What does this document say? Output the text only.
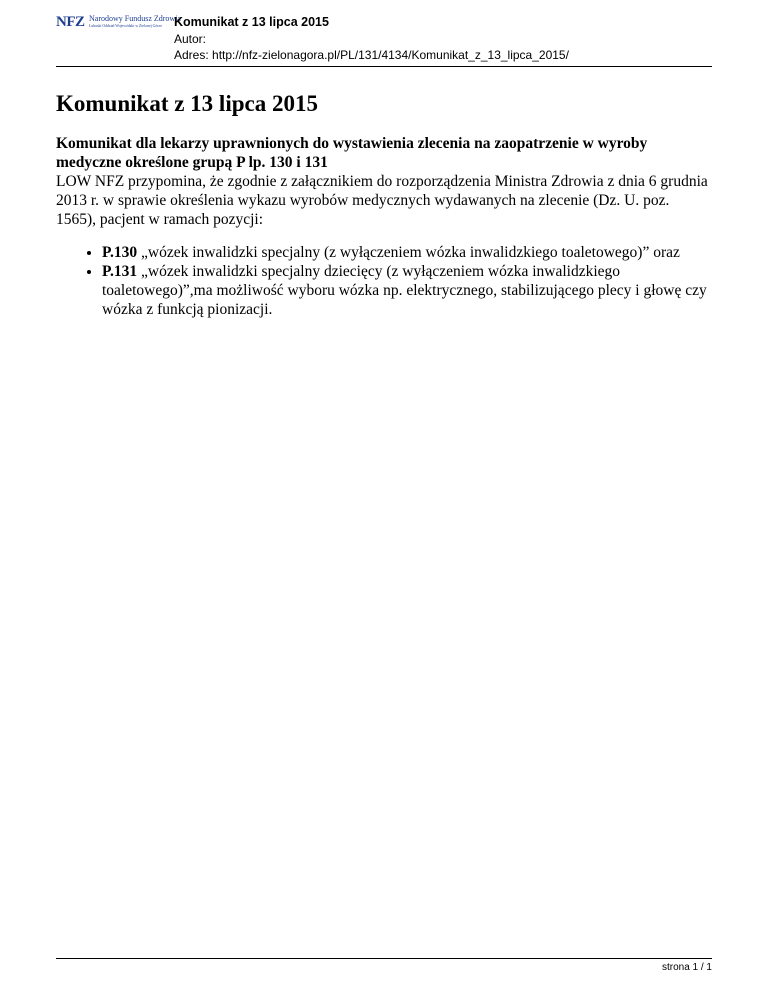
NFZ Narodowy Fundusz Zdrowia
Lubuski Oddział Wojewódzki w Zielonej Górze Komunikat z 13 lipca 2015
Autor:
Adres: http://nfz-zielonagora.pl/PL/131/4134/Komunikat_z_13_lipca_2015/
Komunikat z 13 lipca 2015
Komunikat dla lekarzy uprawnionych do wystawienia zlecenia na zaopatrzenie w wyroby medyczne określone grupą P lp. 130 i 131
LOW NFZ przypomina, że zgodnie z załącznikiem do rozporządzenia Ministra Zdrowia z dnia 6 grudnia 2013 r. w sprawie określenia wykazu wyrobów medycznych wydawanych na zlecenie (Dz. U. poz. 1565), pacjent w ramach pozycji:
• P.130 „wózek inwalidzki specjalny (z wyłączeniem wózka inwalidzkiego toaletowego)” oraz
• P.131 „wózek inwalidzki specjalny dziecięcy (z wyłączeniem wózka inwalidzkiego toaletowego)”,ma możliwość wyboru wózka np. elektrycznego, stabilizującego plecy i głowę czy wózka z funkcją pionizacji.
strona 1 / 1
